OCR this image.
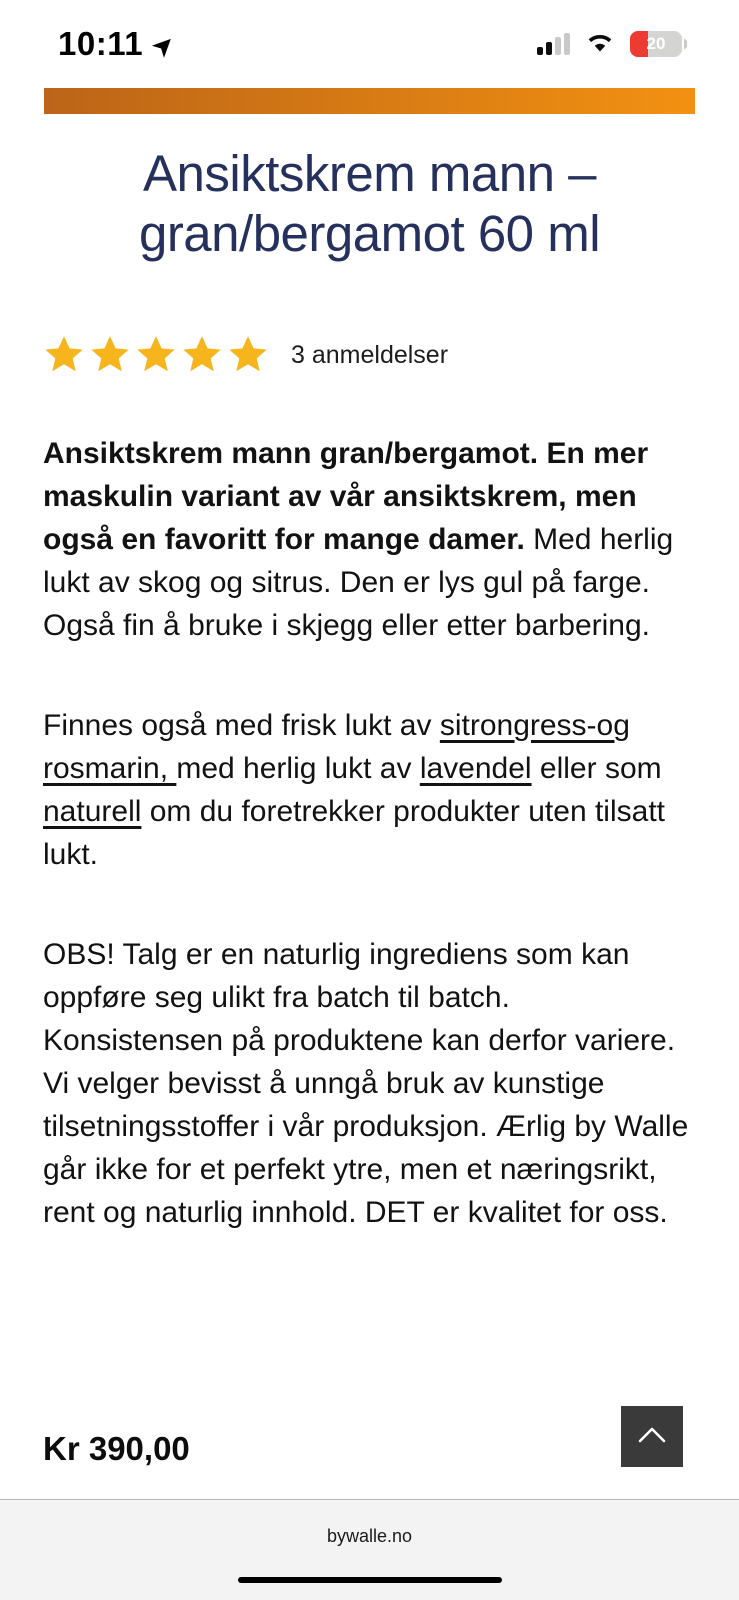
10:11 ➤	20
Ansiktskrem mann – gran/bergamot 60 ml
3 anmeldelser

Ansiktskrem mann gran/bergamot. En mer maskulin variant av vår ansiktskrem, men også en favoritt for mange damer. Med herlig lukt av skog og sitrus. Den er lys gul på farge. Også fin å bruke i skjegg eller etter barbering.

Finnes også med frisk lukt av sitrongress-og rosmarin, med herlig lukt av lavendel eller som naturell om du foretrekker produkter uten tilsatt lukt.

OBS! Talg er en naturlig ingrediens som kan oppføre seg ulikt fra batch til batch. Konsistensen på produktene kan derfor variere. Vi velger bevisst å unngå bruk av kunstige tilsetningsstoffer i vår produksjon. Ærlig by Walle går ikke for et perfekt ytre, men et næringsrikt, rent og naturlig innhold. DET er kvalitet for oss.

Kr 390,00
bywalle.no
